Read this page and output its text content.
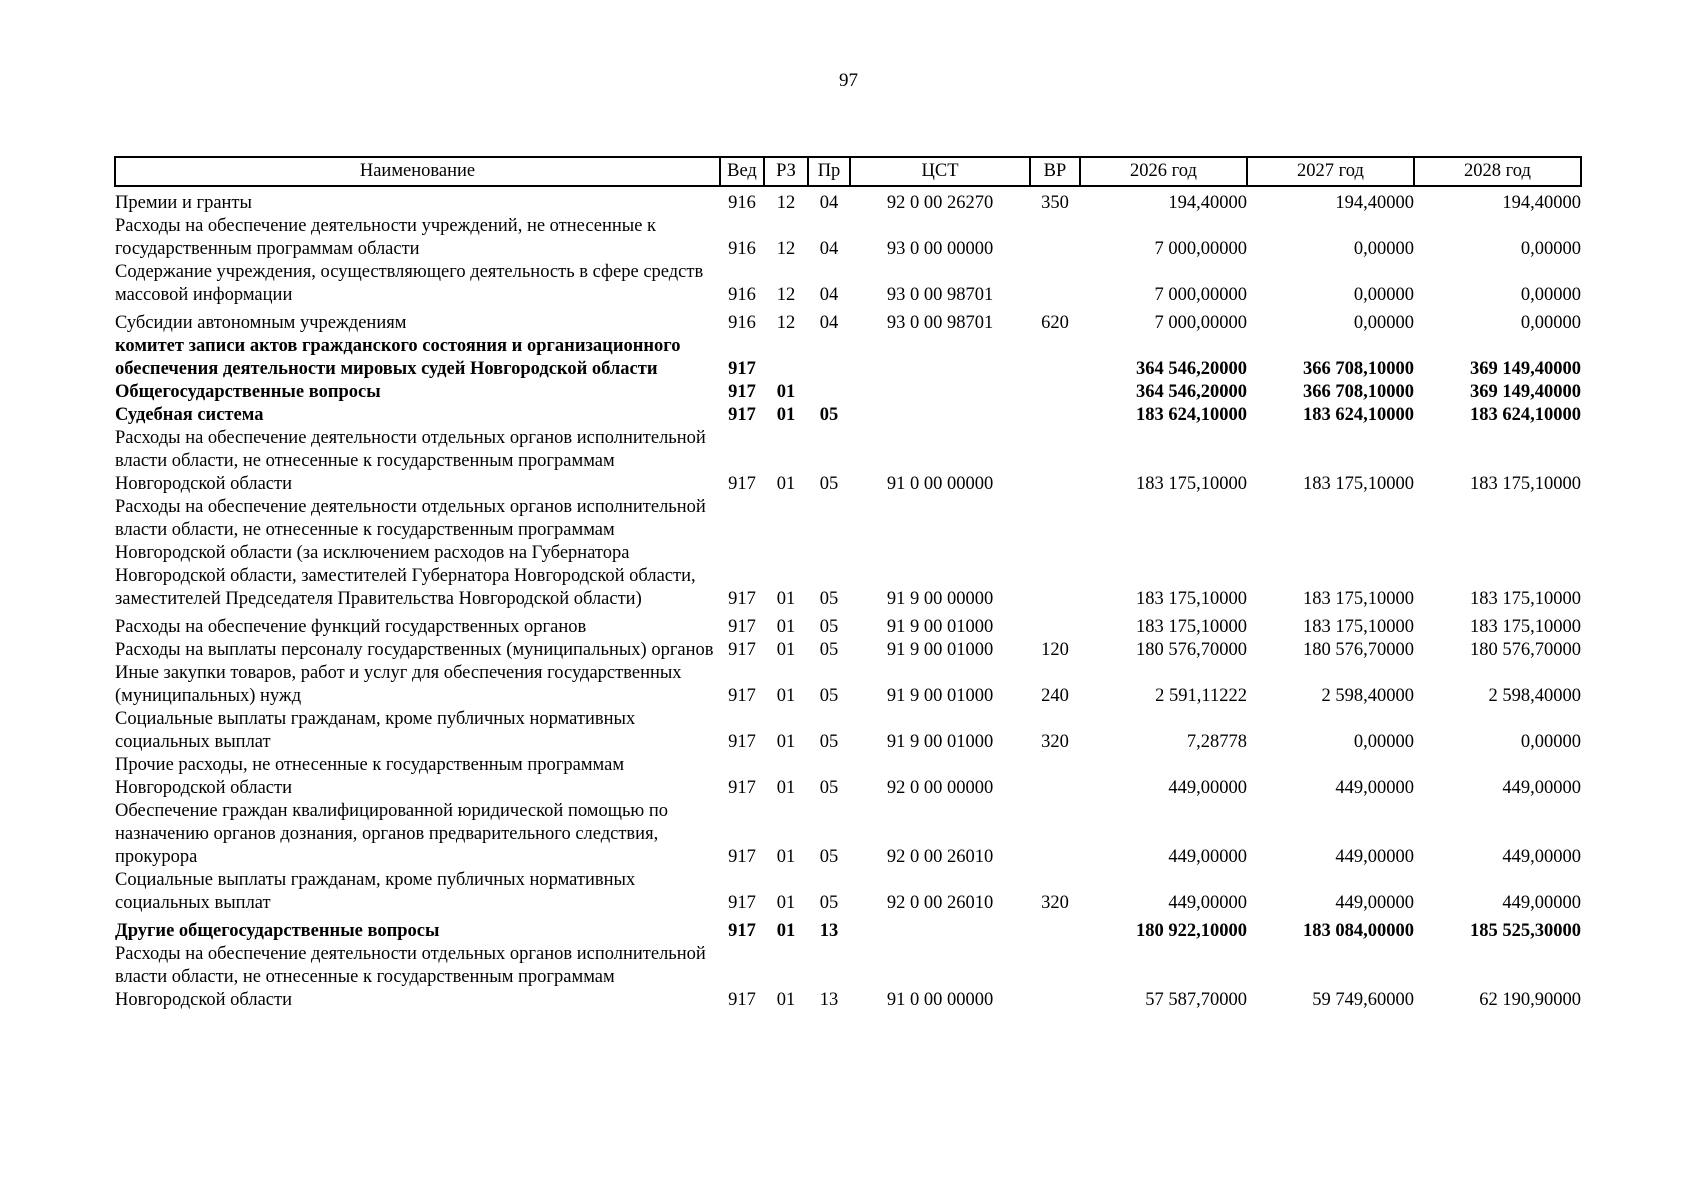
97
Наименование	Вед	РЗ	Пр	ЦСТ	ВР	2026 год	2027 год	2028 год
Премии и гранты	916	12	04	92 0 00 26270	350	194,40000	194,40000	194,40000
Расходы на обеспечение деятельности учреждений, не отнесенные к государственным программам области	916	12	04	93 0 00 00000		7 000,00000	0,00000	0,00000
Содержание учреждения, осуществляющего деятельность в сфере средств массовой информации	916	12	04	93 0 00 98701		7 000,00000	0,00000	0,00000
Субсидии автономным учреждениям	916	12	04	93 0 00 98701	620	7 000,00000	0,00000	0,00000
комитет записи актов гражданского состояния и организационного обеспечения деятельности мировых судей Новгородской области	917					364 546,20000	366 708,10000	369 149,40000
Общегосударственные вопросы	917	01				364 546,20000	366 708,10000	369 149,40000
Судебная система	917	01	05			183 624,10000	183 624,10000	183 624,10000
Расходы на обеспечение деятельности отдельных органов исполнительной власти области, не отнесенные к государственным программам Новгородской области	917	01	05	91 0 00 00000		183 175,10000	183 175,10000	183 175,10000
Расходы на обеспечение деятельности отдельных органов исполнительной власти области, не отнесенные к государственным программам Новгородской области (за исключением расходов на Губернатора Новгородской области, заместителей Губернатора Новгородской области, заместителей Председателя Правительства Новгородской области)	917	01	05	91 9 00 00000		183 175,10000	183 175,10000	183 175,10000
Расходы на обеспечение функций государственных органов	917	01	05	91 9 00 01000		183 175,10000	183 175,10000	183 175,10000
Расходы на выплаты персоналу государственных (муниципальных) органов	917	01	05	91 9 00 01000	120	180 576,70000	180 576,70000	180 576,70000
Иные закупки товаров, работ и услуг для обеспечения государственных (муниципальных) нужд	917	01	05	91 9 00 01000	240	2 591,11222	2 598,40000	2 598,40000
Социальные выплаты гражданам, кроме публичных нормативных социальных выплат	917	01	05	91 9 00 01000	320	7,28778	0,00000	0,00000
Прочие расходы, не отнесенные к государственным программам Новгородской области	917	01	05	92 0 00 00000		449,00000	449,00000	449,00000
Обеспечение граждан квалифицированной юридической помощью по назначению органов дознания, органов предварительного следствия, прокурора	917	01	05	92 0 00 26010		449,00000	449,00000	449,00000
Социальные выплаты гражданам, кроме публичных нормативных социальных выплат	917	01	05	92 0 00 26010	320	449,00000	449,00000	449,00000
Другие общегосударственные вопросы	917	01	13			180 922,10000	183 084,00000	185 525,30000
Расходы на обеспечение деятельности отдельных органов исполнительной власти области, не отнесенные к государственным программам Новгородской области	917	01	13	91 0 00 00000		57 587,70000	59 749,60000	62 190,90000
